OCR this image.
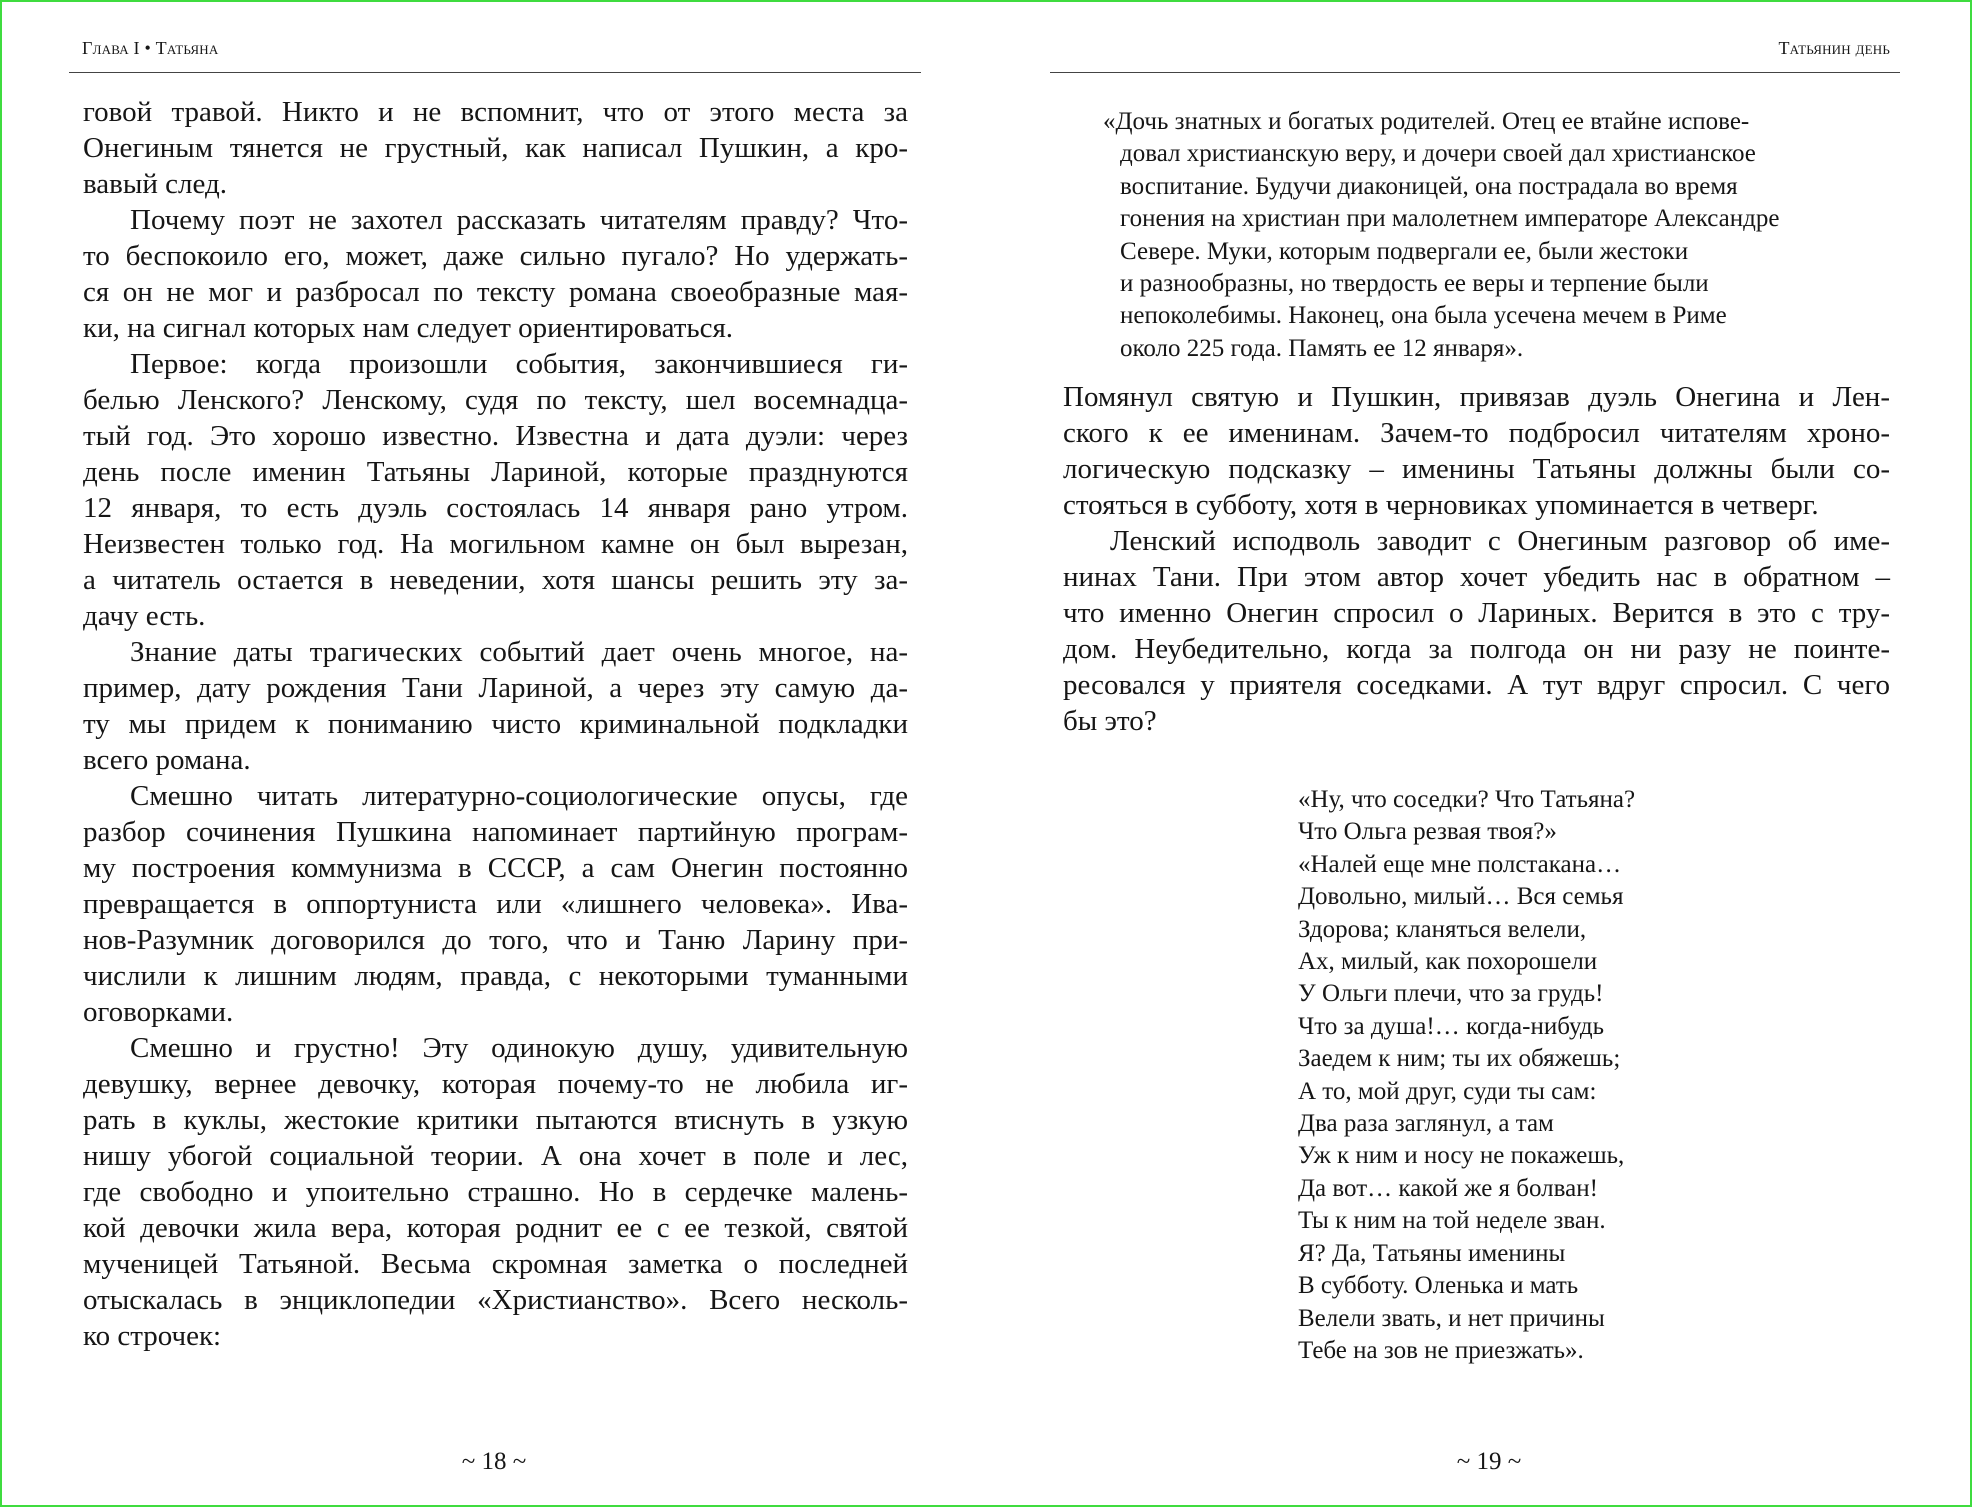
Глава I • Татьяна
говой травой. Никто и не вспомнит, что от этого места за
Онегиным тянется не грустный, как написал Пушкин, а кро-
вавый след.
Почему поэт не захотел рассказать читателям правду? Что-
то беспокоило его, может, даже сильно пугало? Но удержать-
ся он не мог и разбросал по тексту романа своеобразные мая-
ки, на сигнал которых нам следует ориентироваться.
Первое: когда произошли события, закончившиеся ги-
белью Ленского? Ленскому, судя по тексту, шел восемнадца-
тый год. Это хорошо известно. Известна и дата дуэли: через
день после именин Татьяны Лариной, которые празднуются
12 января, то есть дуэль состоялась 14 января рано утром.
Неизвестен только год. На могильном камне он был вырезан,
а читатель остается в неведении, хотя шансы решить эту за-
дачу есть.
Знание даты трагических событий дает очень многое, на-
пример, дату рождения Тани Лариной, а через эту самую да-
ту мы придем к пониманию чисто криминальной подкладки
всего романа.
Смешно читать литературно-социологические опусы, где
разбор сочинения Пушкина напоминает партийную програм-
му построения коммунизма в СССР, а сам Онегин постоянно
превращается в оппортуниста или «лишнего человека». Ива-
нов-Разумник договорился до того, что и Таню Ларину при-
числили к лишним людям, правда, с некоторыми туманными
оговорками.
Смешно и грустно! Эту одинокую душу, удивительную
девушку, вернее девочку, которая почему-то не любила иг-
рать в куклы, жестокие критики пытаются втиснуть в узкую
нишу убогой социальной теории. А она хочет в поле и лес,
где свободно и упоительно страшно. Но в сердечке малень-
кой девочки жила вера, которая роднит ее с ее тезкой, святой
мученицей Татьяной. Весьма скромная заметка о последней
отыскалась в энциклопедии «Христианство». Всего несколь-
ко строчек:
~ 18 ~
Татьянин день
«Дочь знатных и богатых родителей. Отец ее втайне испове-
довал христианскую веру, и дочери своей дал христианское
воспитание. Будучи диаконицей, она пострадала во время
гонения на христиан при малолетнем императоре Александре
Севере. Муки, которым подвергали ее, были жестоки
и разнообразны, но твердость ее веры и терпение были
непоколебимы. Наконец, она была усечена мечем в Риме
около 225 года. Память ее 12 января».
Помянул святую и Пушкин, привязав дуэль Онегина и Лен-
ского к ее именинам. Зачем-то подбросил читателям хроно-
логическую подсказку – именины Татьяны должны были со-
стояться в субботу, хотя в черновиках упоминается в четверг.
Ленский исподволь заводит с Онегиным разговор об име-
нинах Тани. При этом автор хочет убедить нас в обратном –
что именно Онегин спросил о Лариных. Верится в это с тру-
дом. Неубедительно, когда за полгода он ни разу не поинте-
ресовался у приятеля соседками. А тут вдруг спросил. С чего
бы это?
«Ну, что соседки? Что Татьяна?
Что Ольга резвая твоя?»
«Налей еще мне полстакана…
Довольно, милый… Вся семья
Здорова; кланяться велели,
Ах, милый, как похорошели
У Ольги плечи, что за грудь!
Что за душа!… когда-нибудь
Заедем к ним; ты их обяжешь;
А то, мой друг, суди ты сам:
Два раза заглянул, а там
Уж к ним и носу не покажешь,
Да вот… какой же я болван!
Ты к ним на той неделе зван.
Я? Да, Татьяны именины
В субботу. Оленька и мать
Велели звать, и нет причины
Тебе на зов не приезжать».
~ 19 ~
